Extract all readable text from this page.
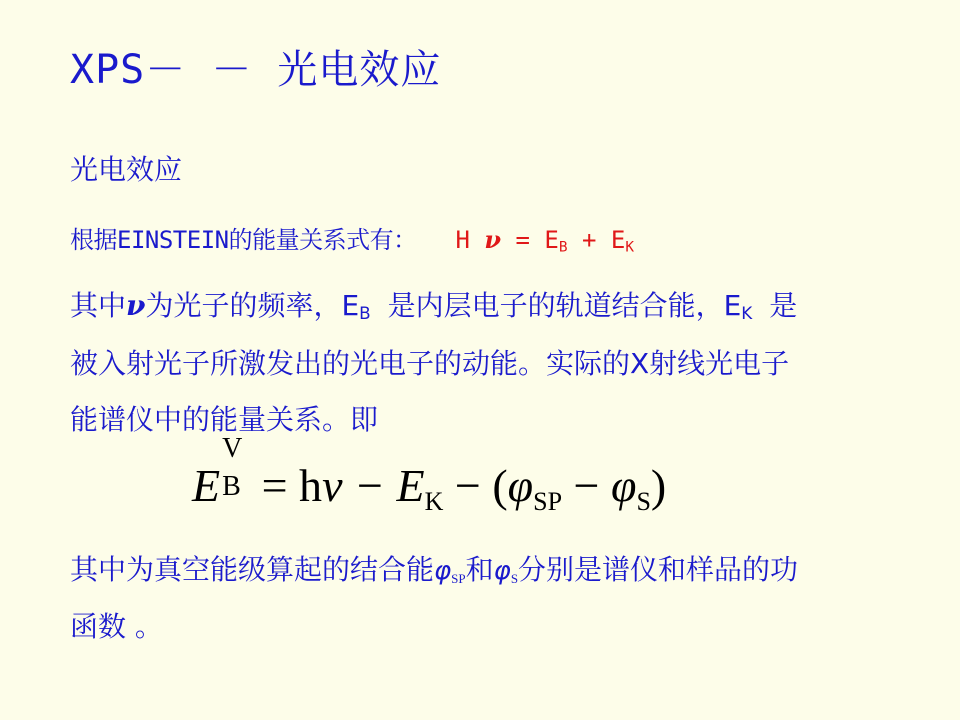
XPS－ － 光电效应
光电效应
根据EINSTEIN的能量关系式有： H $\nu = E_B + E_K$
其中ν为光子的频率，$E_B$ 是内层电子的轨道结合能，$E_K$ 是
被入射光子所激发出的光电子的动能。实际的X射线光电子
能谱仪中的能量关系。即
E
V
B = hν − EK − (φSP − φS)
其中为真空能级算起的结合能φSP和φS分别是谱仪和样品的功
函数 。
